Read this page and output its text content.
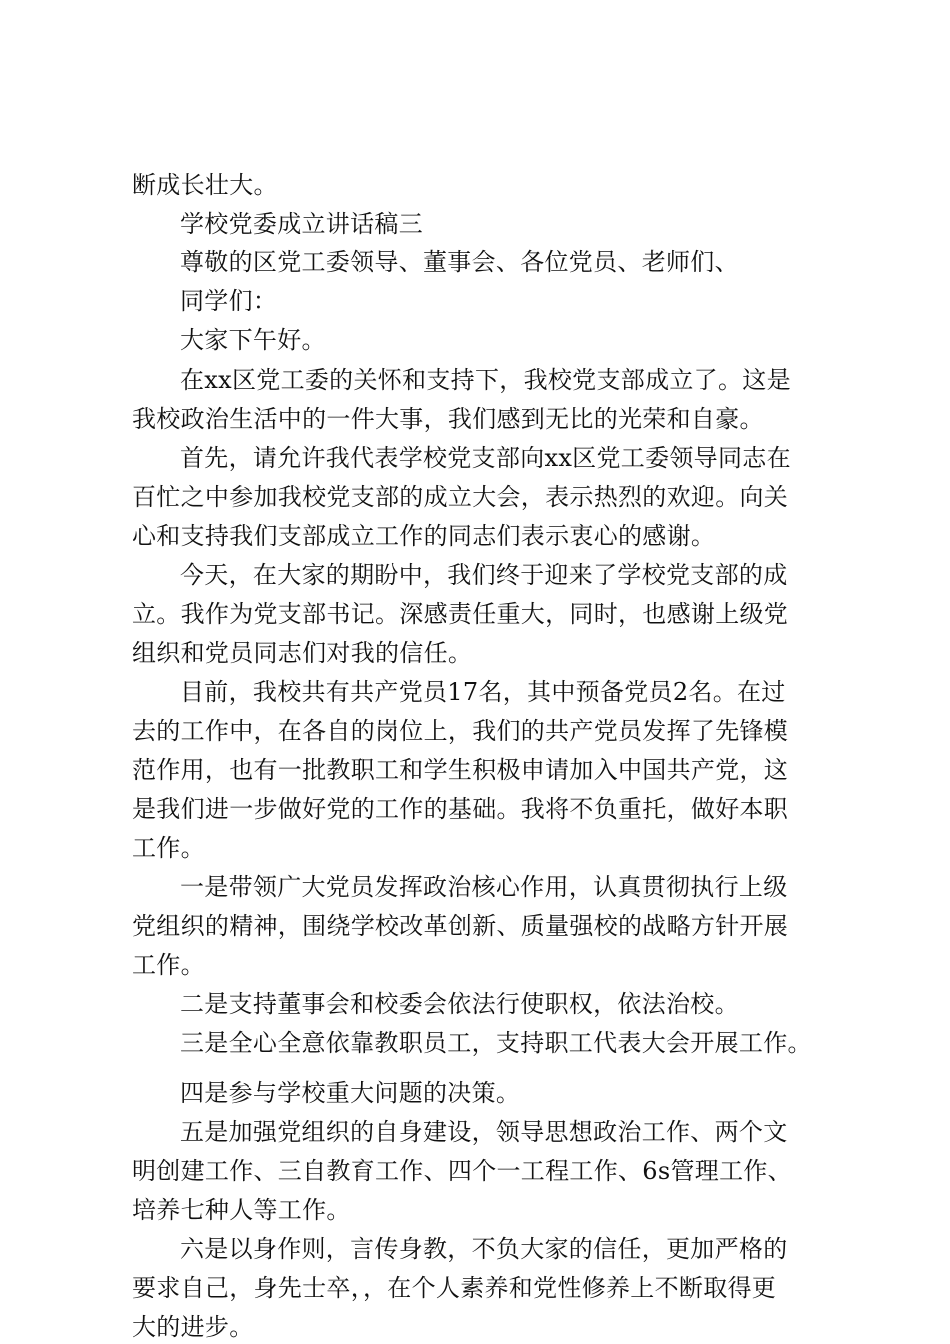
断成长壮大。
学校党委成立讲话稿三
尊敬的区党工委领导、董事会、各位党员、老师们、
同学们：
大家下午好。
在xx区党工委的关怀和支持下，我校党支部成立了。这是
我校政治生活中的一件大事，我们感到无比的光荣和自豪。
首先，请允许我代表学校党支部向xx区党工委领导同志在
百忙之中参加我校党支部的成立大会，表示热烈的欢迎。向关
心和支持我们支部成立工作的同志们表示衷心的感谢。
今天，在大家的期盼中，我们终于迎来了学校党支部的成
立。我作为党支部书记。深感责任重大，同时，也感谢上级党
组织和党员同志们对我的信任。
目前，我校共有共产党员17名，其中预备党员2名。在过
去的工作中，在各自的岗位上，我们的共产党员发挥了先锋模
范作用，也有一批教职工和学生积极申请加入中国共产党，这
是我们进一步做好党的工作的基础。我将不负重托，做好本职
工作。
一是带领广大党员发挥政治核心作用，认真贯彻执行上级
党组织的精神，围绕学校改革创新、质量强校的战略方针开展
工作。
二是支持董事会和校委会依法行使职权，依法治校。
三是全心全意依靠教职员工，支持职工代表大会开展工作。
四是参与学校重大问题的决策。
五是加强党组织的自身建设，领导思想政治工作、两个文
明创建工作、三自教育工作、四个一工程工作、6s管理工作、
培养七种人等工作。
六是以身作则，言传身教，不负大家的信任，更加严格的
要求自己，身先士卒，，在个人素养和党性修养上不断取得更
大的进步。
